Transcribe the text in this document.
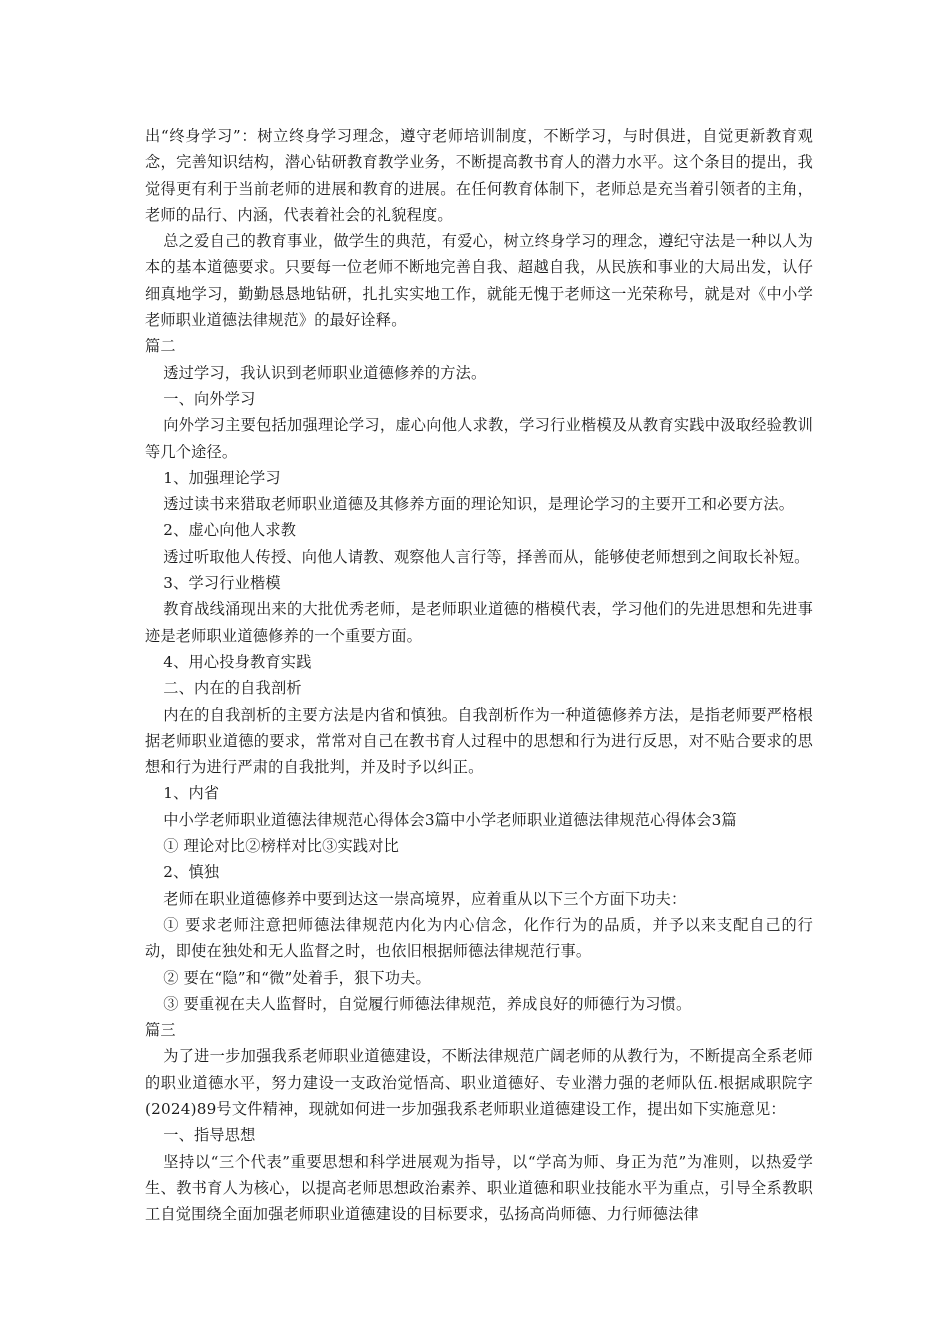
出“终身学习”：树立终身学习理念，遵守老师培训制度，不断学习，与时俱进，自觉更新教育观念，完善知识结构，潜心钻研教育教学业务，不断提高教书育人的潜力水平。这个条目的提出，我觉得更有利于当前老师的进展和教育的进展。在任何教育体制下，老师总是充当着引领者的主角，老师的品行、内涵，代表着社会的礼貌程度。

总之爱自己的教育事业，做学生的典范，有爱心，树立终身学习的理念，遵纪守法是一种以人为本的基本道德要求。只要每一位老师不断地完善自我、超越自我，从民族和事业的大局出发，认仔细真地学习，勤勤恳恳地钻研，扎扎实实地工作，就能无愧于老师这一光荣称号，就是对《中小学老师职业道德法律规范》的最好诠释。

篇二

透过学习，我认识到老师职业道德修养的方法。

一、向外学习

向外学习主要包括加强理论学习，虚心向他人求教，学习行业楷模及从教育实践中汲取经验教训等几个途径。

1、加强理论学习

透过读书来猎取老师职业道德及其修养方面的理论知识，是理论学习的主要开工和必要方法。

2、虚心向他人求教

透过听取他人传授、向他人请教、观察他人言行等，择善而从，能够使老师想到之间取长补短。

3、学习行业楷模

教育战线涌现出来的大批优秀老师，是老师职业道德的楷模代表，学习他们的先进思想和先进事迹是老师职业道德修养的一个重要方面。

4、用心投身教育实践

二、内在的自我剖析

内在的自我剖析的主要方法是内省和慎独。自我剖析作为一种道德修养方法，是指老师要严格根据老师职业道德的要求，常常对自己在教书育人过程中的思想和行为进行反思，对不贴合要求的思想和行为进行严肃的自我批判，并及时予以纠正。

1、内省

中小学老师职业道德法律规范心得体会3篇中小学老师职业道德法律规范心得体会3篇

① 理论对比②榜样对比③实践对比

2、慎独

老师在职业道德修养中要到达这一崇高境界，应着重从以下三个方面下功夫：

① 要求老师注意把师德法律规范内化为内心信念，化作行为的品质，并予以来支配自己的行动，即使在独处和无人监督之时，也依旧根据师德法律规范行事。

② 要在“隐”和“微”处着手，狠下功夫。

③ 要重视在夫人监督时，自觉履行师德法律规范，养成良好的师德行为习惯。

篇三

为了进一步加强我系老师职业道德建设，不断法律规范广阔老师的从教行为，不断提高全系老师的职业道德水平，努力建设一支政治觉悟高、职业道德好、专业潜力强的老师队伍.根据咸职院字(2024)89号文件精神，现就如何进一步加强我系老师职业道德建设工作，提出如下实施意见：

一、指导思想

坚持以“三个代表”重要思想和科学进展观为指导，以“学高为师、身正为范”为准则，以热爱学生、教书育人为核心，以提高老师思想政治素养、职业道德和职业技能水平为重点，引导全系教职工自觉围绕全面加强老师职业道德建设的目标要求，弘扬高尚师德、力行师德法律
